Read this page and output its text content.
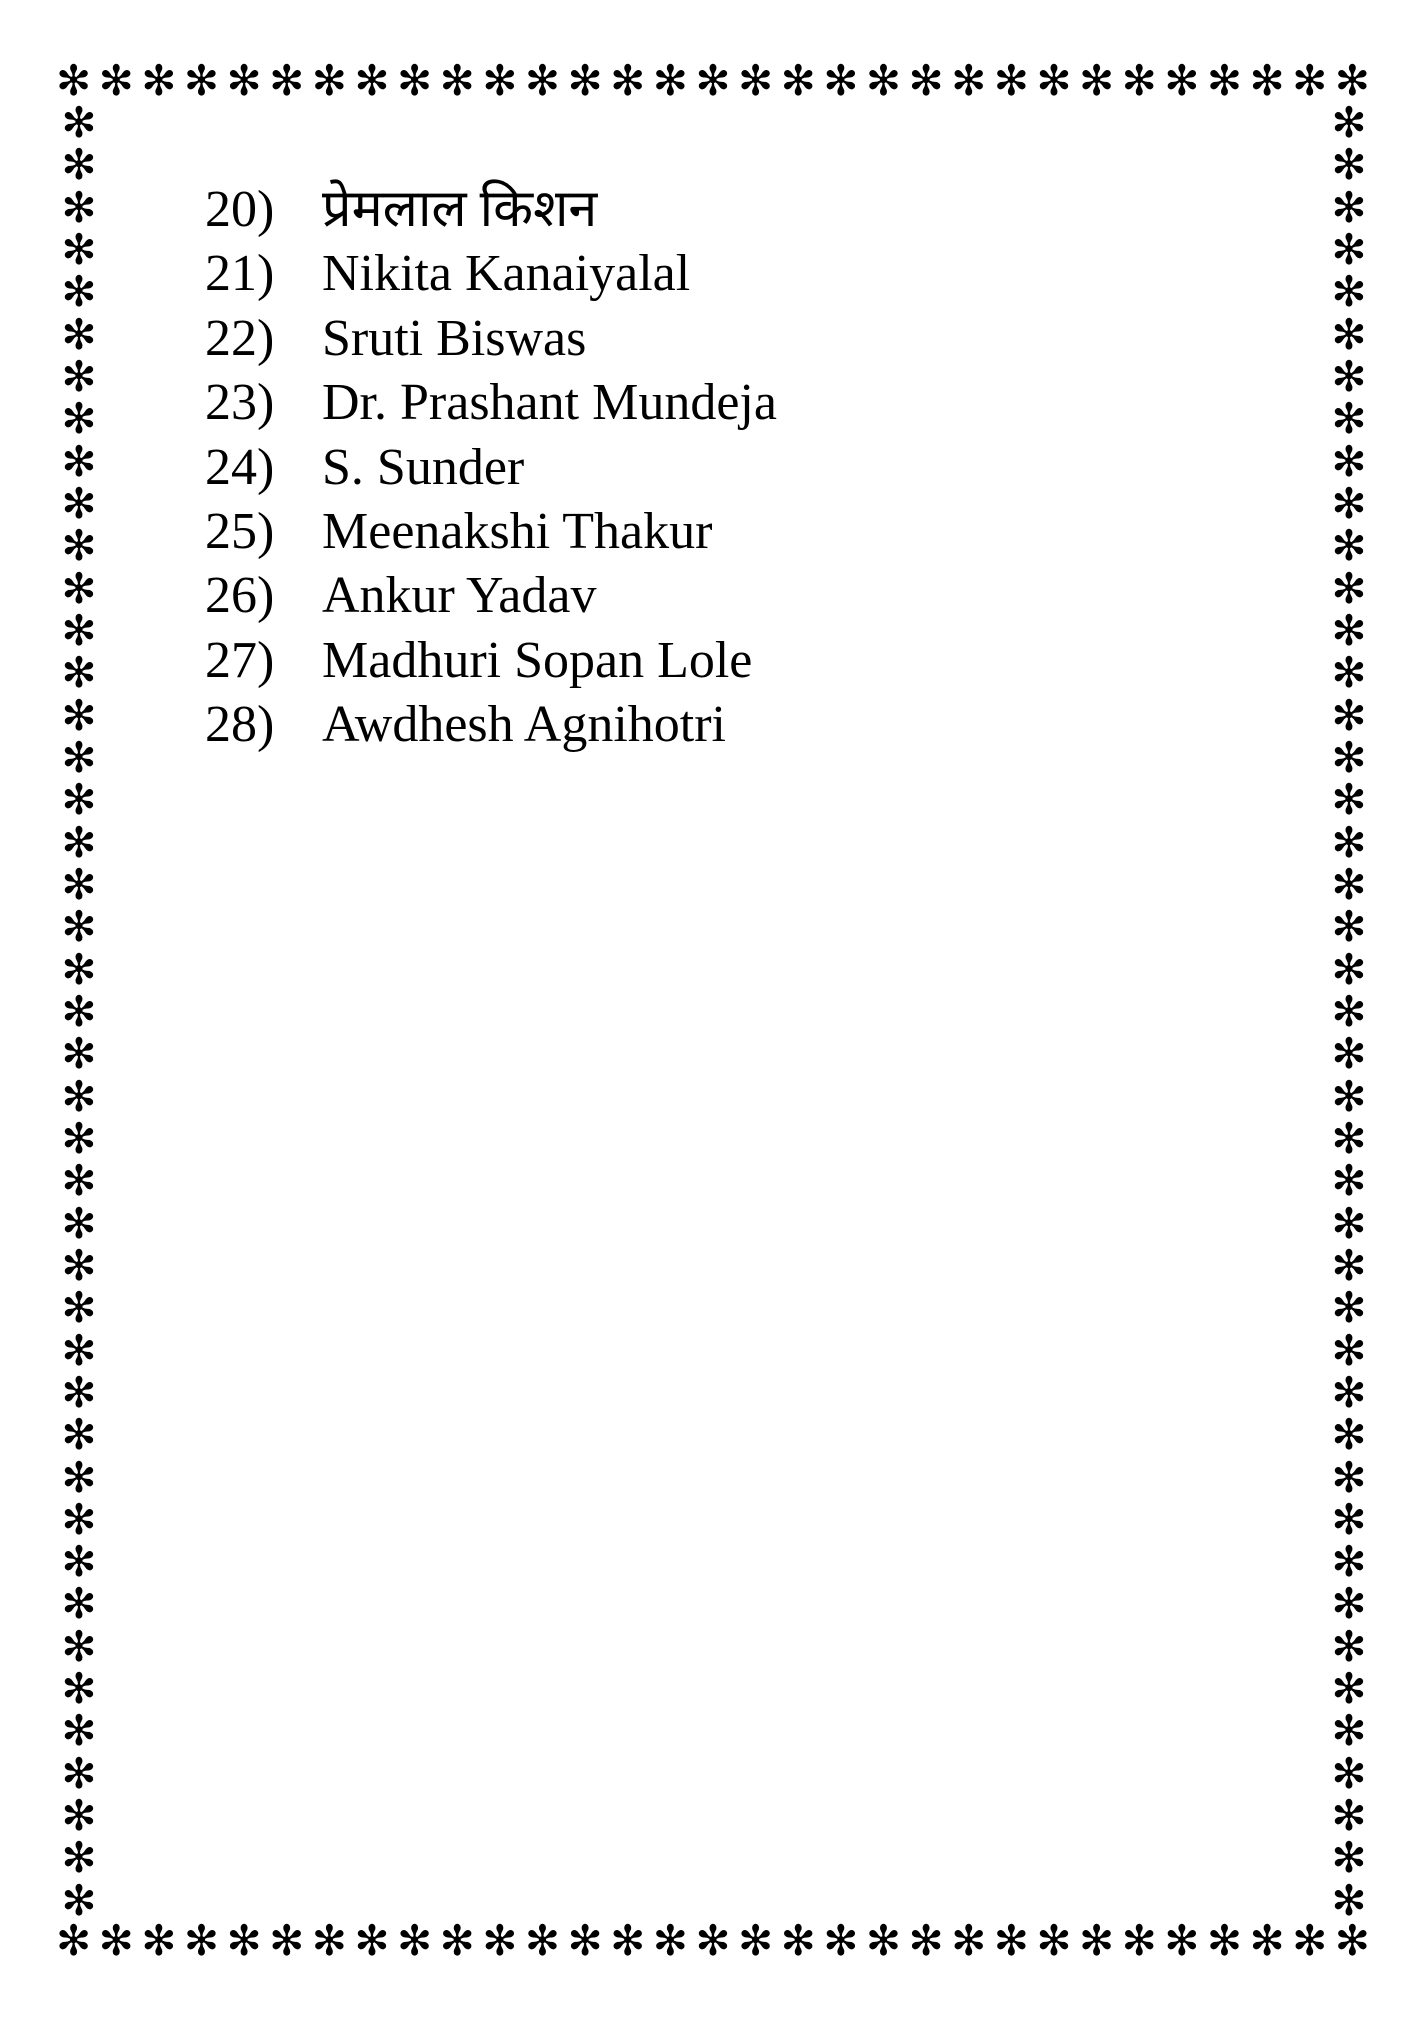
✻ ✻ ✻ ✻ ✻ ✻ ✻ ✻ ✻ ✻ ✻ ✻ ✻ ✻ ✻ ✻ ✻ ✻ ✻ ✻ ✻ ✻ ✻ ✻ ✻ ✻ ✻ ✻ ✻ ✻ ✻
✻ ✻ ✻ ✻ ✻ ✻ ✻ ✻ ✻ ✻ ✻ ✻ ✻ ✻ ✻ ✻ ✻ ✻ ✻ ✻ ✻ ✻ ✻ ✻ ✻ ✻ ✻ ✻ ✻ ✻ ✻
✻
✻
✻
✻
✻
✻
✻
✻
✻
✻
✻
✻
✻
✻
✻
✻
✻
✻
✻
✻
✻
✻
✻
✻
✻
✻
✻
✻
✻
✻
✻
✻
✻
✻
✻
✻
✻
✻
✻
✻
✻
✻
✻
✻
✻
✻
✻
✻
✻
✻
✻
✻
✻
✻
✻
✻
✻
✻
✻
✻
✻
✻
✻
✻
✻
✻
✻
✻
✻
✻
✻
✻
✻
✻
✻
✻
✻
✻
✻
✻
✻
✻
✻
✻
✻
✻
20) प्रेमलाल किशन
21) Nikita Kanaiyalal
22) Sruti Biswas
23) Dr. Prashant Mundeja
24) S. Sunder
25) Meenakshi Thakur
26) Ankur Yadav
27) Madhuri Sopan Lole
28) Awdhesh Agnihotri
